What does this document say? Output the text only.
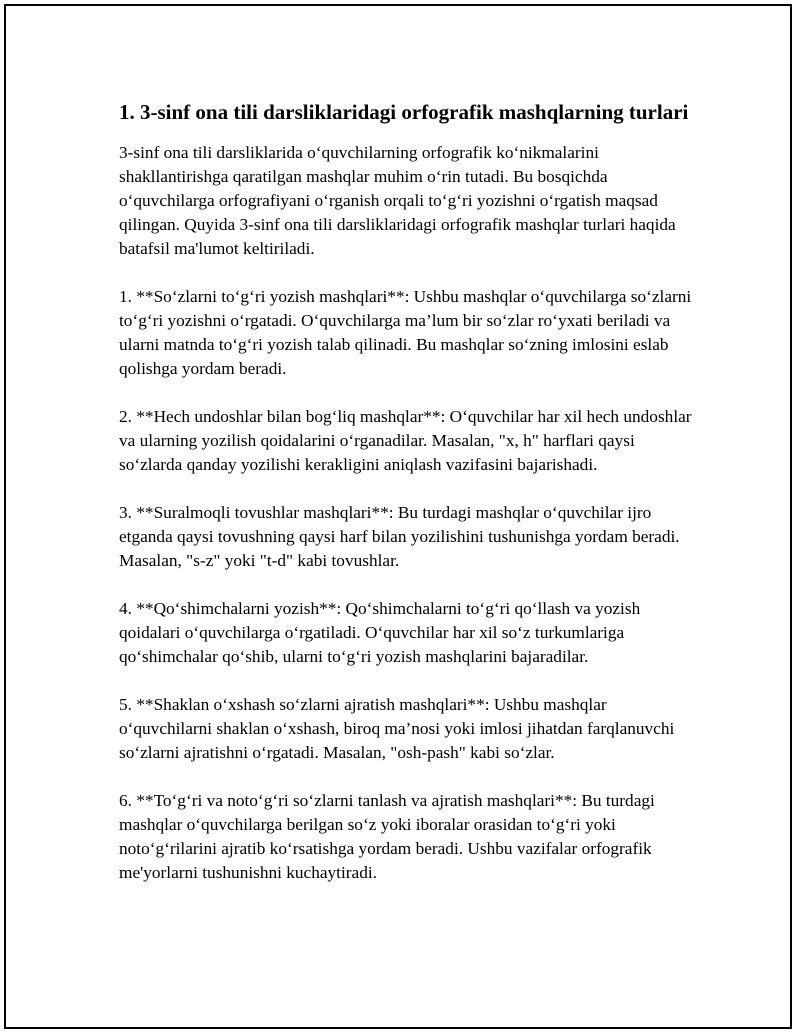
1. 3-sinf ona tili darsliklaridagi orfografik mashqlarning turlari

3-sinf ona tili darsliklarida o‘quvchilarning orfografik ko‘nikmalarini shakllantirishga qaratilgan mashqlar muhim o‘rin tutadi. Bu bosqichda o‘quvchilarga orfografiyani o‘rganish orqali to‘g‘ri yozishni o‘rgatish maqsad qilingan. Quyida 3-sinf ona tili darsliklaridagi orfografik mashqlar turlari haqida batafsil ma'lumot keltiriladi.

1. **So‘zlarni to‘g‘ri yozish mashqlari**: Ushbu mashqlar o‘quvchilarga so‘zlarni to‘g‘ri yozishni o‘rgatadi. O‘quvchilarga ma’lum bir so‘zlar ro‘yxati beriladi va ularni matnda to‘g‘ri yozish talab qilinadi. Bu mashqlar so‘zning imlosini eslab qolishga yordam beradi.

2. **Hech undoshlar bilan bog‘liq mashqlar**: O‘quvchilar har xil hech undoshlar va ularning yozilish qoidalarini o‘rganadilar. Masalan, "x, h" harflari qaysi so‘zlarda qanday yozilishi kerakligini aniqlash vazifasini bajarishadi.

3. **Suralmoqli tovushlar mashqlari**: Bu turdagi mashqlar o‘quvchilar ijro etganda qaysi tovushning qaysi harf bilan yozilishini tushunishga yordam beradi. Masalan, "s-z" yoki "t-d" kabi tovushlar.

4. **Qo‘shimchalarni yozish**: Qo‘shimchalarni to‘g‘ri qo‘llash va yozish qoidalari o‘quvchilarga o‘rgatiladi. O‘quvchilar har xil so‘z turkumlariga qo‘shimchalar qo‘shib, ularni to‘g‘ri yozish mashqlarini bajaradilar.

5. **Shaklan o‘xshash so‘zlarni ajratish mashqlari**: Ushbu mashqlar o‘quvchilarni shaklan o‘xshash, biroq ma’nosi yoki imlosi jihatdan farqlanuvchi so‘zlarni ajratishni o‘rgatadi. Masalan, "osh-pash" kabi so‘zlar.

6. **To‘g‘ri va noto‘g‘ri so‘zlarni tanlash va ajratish mashqlari**: Bu turdagi mashqlar o‘quvchilarga berilgan so‘z yoki iboralar orasidan to‘g‘ri yoki noto‘g‘rilarini ajratib ko‘rsatishga yordam beradi. Ushbu vazifalar orfografik me'yorlarni tushunishni kuchaytiradi.
